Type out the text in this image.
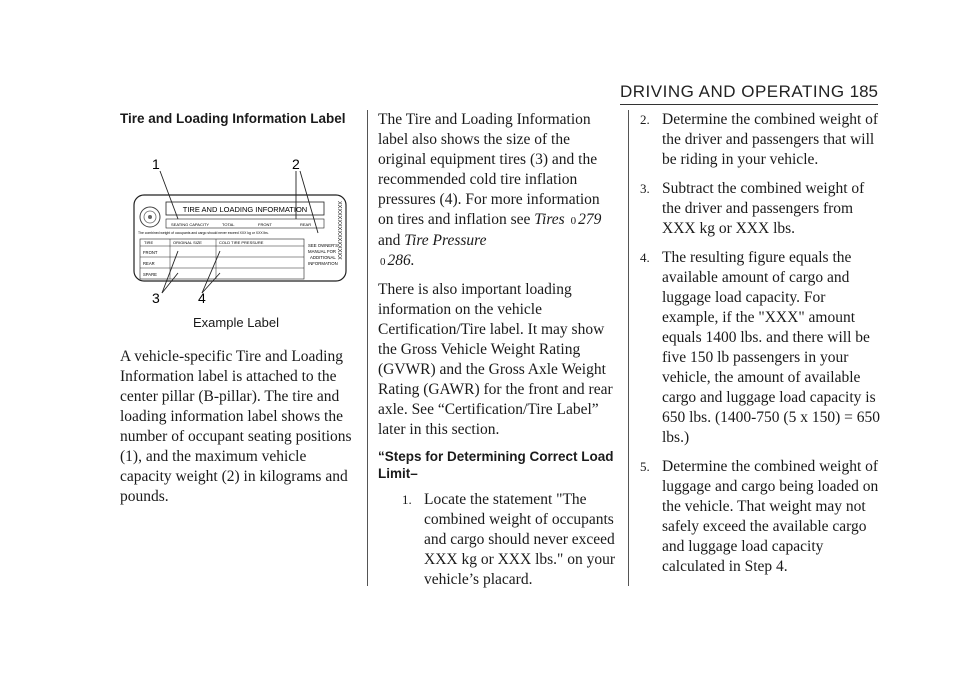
DRIVING AND OPERATING 185
Tire and Loading Information Label
TIRE AND LOADING INFORMATION
SEATING CAPACITY	TOTAL	FRONT	REAR
The combined weight of occupants and cargo should never exceed XXX kg or XXX lbs.
TIRE	ORIGINAL SIZE	COLD TIRE PRESSURE
FRONT
REAR
SPARE
SEE OWNER'S
MANUAL FOR
ADDITIONAL
INFORMATION
XXXXXXXXXXXXXXXX
1	2
3	4
Example Label

A vehicle-specific Tire and Loading Information label is attached to the center pillar (B-pillar). The tire and loading information label shows the number of occupant seating positions (1), and the maximum vehicle capacity weight (2) in kilograms and pounds.

The Tire and Loading Information label also shows the size of the original equipment tires (3) and the recommended cold tire inflation pressures (4). For more information on tires and inflation see Tires 0 279 and Tire Pressure
0 286.

There is also important loading information on the vehicle Certification/Tire label. It may show the Gross Vehicle Weight Rating (GVWR) and the Gross Axle Weight Rating (GAWR) for the front and rear axle. See “Certification/Tire Label” later in this section.

“Steps for Determining Correct Load Limit–
1. Locate the statement "The combined weight of occupants and cargo should never exceed XXX kg or XXX lbs." on your vehicle’s placard.
2. Determine the combined weight of the driver and passengers that will be riding in your vehicle.
3. Subtract the combined weight of the driver and passengers from XXX kg or XXX lbs.
4. The resulting figure equals the available amount of cargo and luggage load capacity. For example, if the "XXX" amount equals 1400 lbs. and there will be five 150 lb passengers in your vehicle, the amount of available cargo and luggage load capacity is 650 lbs. (1400-750 (5 x 150) = 650 lbs.)
5. Determine the combined weight of luggage and cargo being loaded on the vehicle. That weight may not safely exceed the available cargo and luggage load capacity calculated in Step 4.
